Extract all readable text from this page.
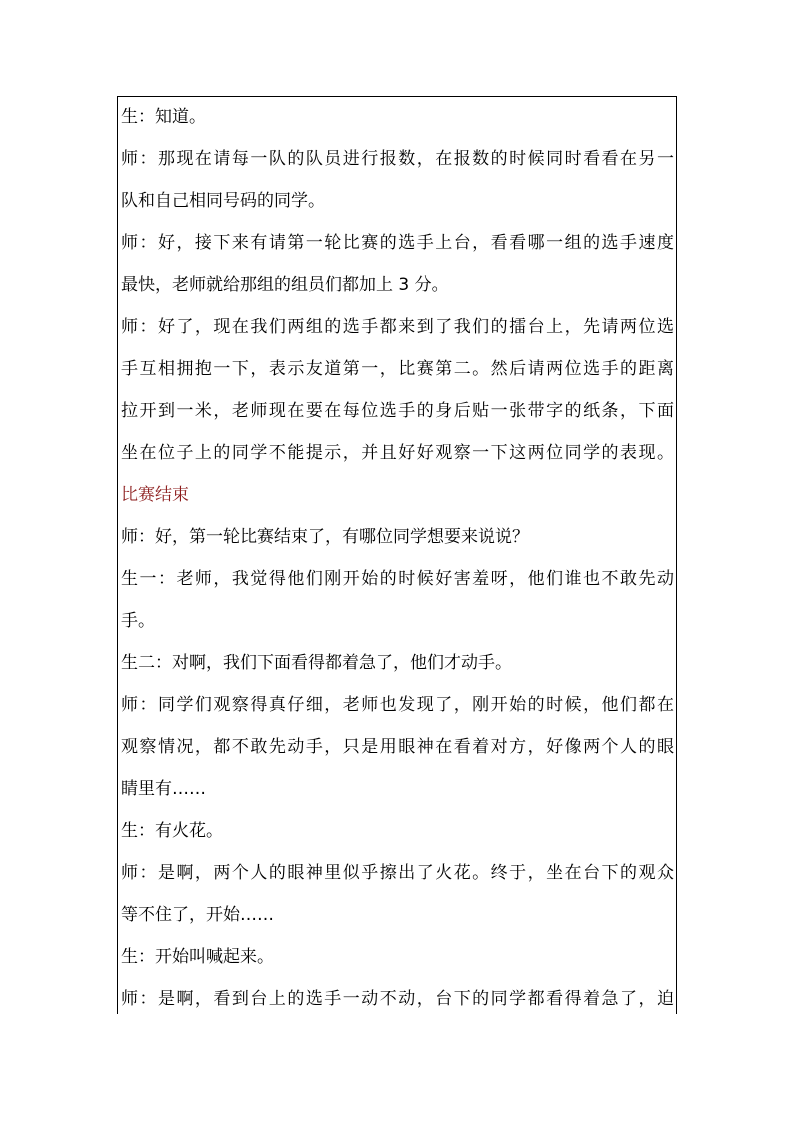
生：知道。
师：那现在请每一队的队员进行报数，在报数的时候同时看看在另一
队和自己相同号码的同学。
师：好，接下来有请第一轮比赛的选手上台，看看哪一组的选手速度
最快，老师就给那组的组员们都加上 3 分。
师：好了，现在我们两组的选手都来到了我们的擂台上，先请两位选
手互相拥抱一下，表示友道第一，比赛第二。然后请两位选手的距离
拉开到一米，老师现在要在每位选手的身后贴一张带字的纸条，下面
坐在位子上的同学不能提示，并且好好观察一下这两位同学的表现。
比赛结束
师：好，第一轮比赛结束了，有哪位同学想要来说说？
生一：老师，我觉得他们刚开始的时候好害羞呀，他们谁也不敢先动
手。
生二：对啊，我们下面看得都着急了，他们才动手。
师：同学们观察得真仔细，老师也发现了，刚开始的时候，他们都在
观察情况，都不敢先动手，只是用眼神在看着对方，好像两个人的眼
睛里有……
生：有火花。
师：是啊，两个人的眼神里似乎擦出了火花。终于，坐在台下的观众
等不住了，开始……
生：开始叫喊起来。
师：是啊，看到台上的选手一动不动，台下的同学都看得着急了，迫
